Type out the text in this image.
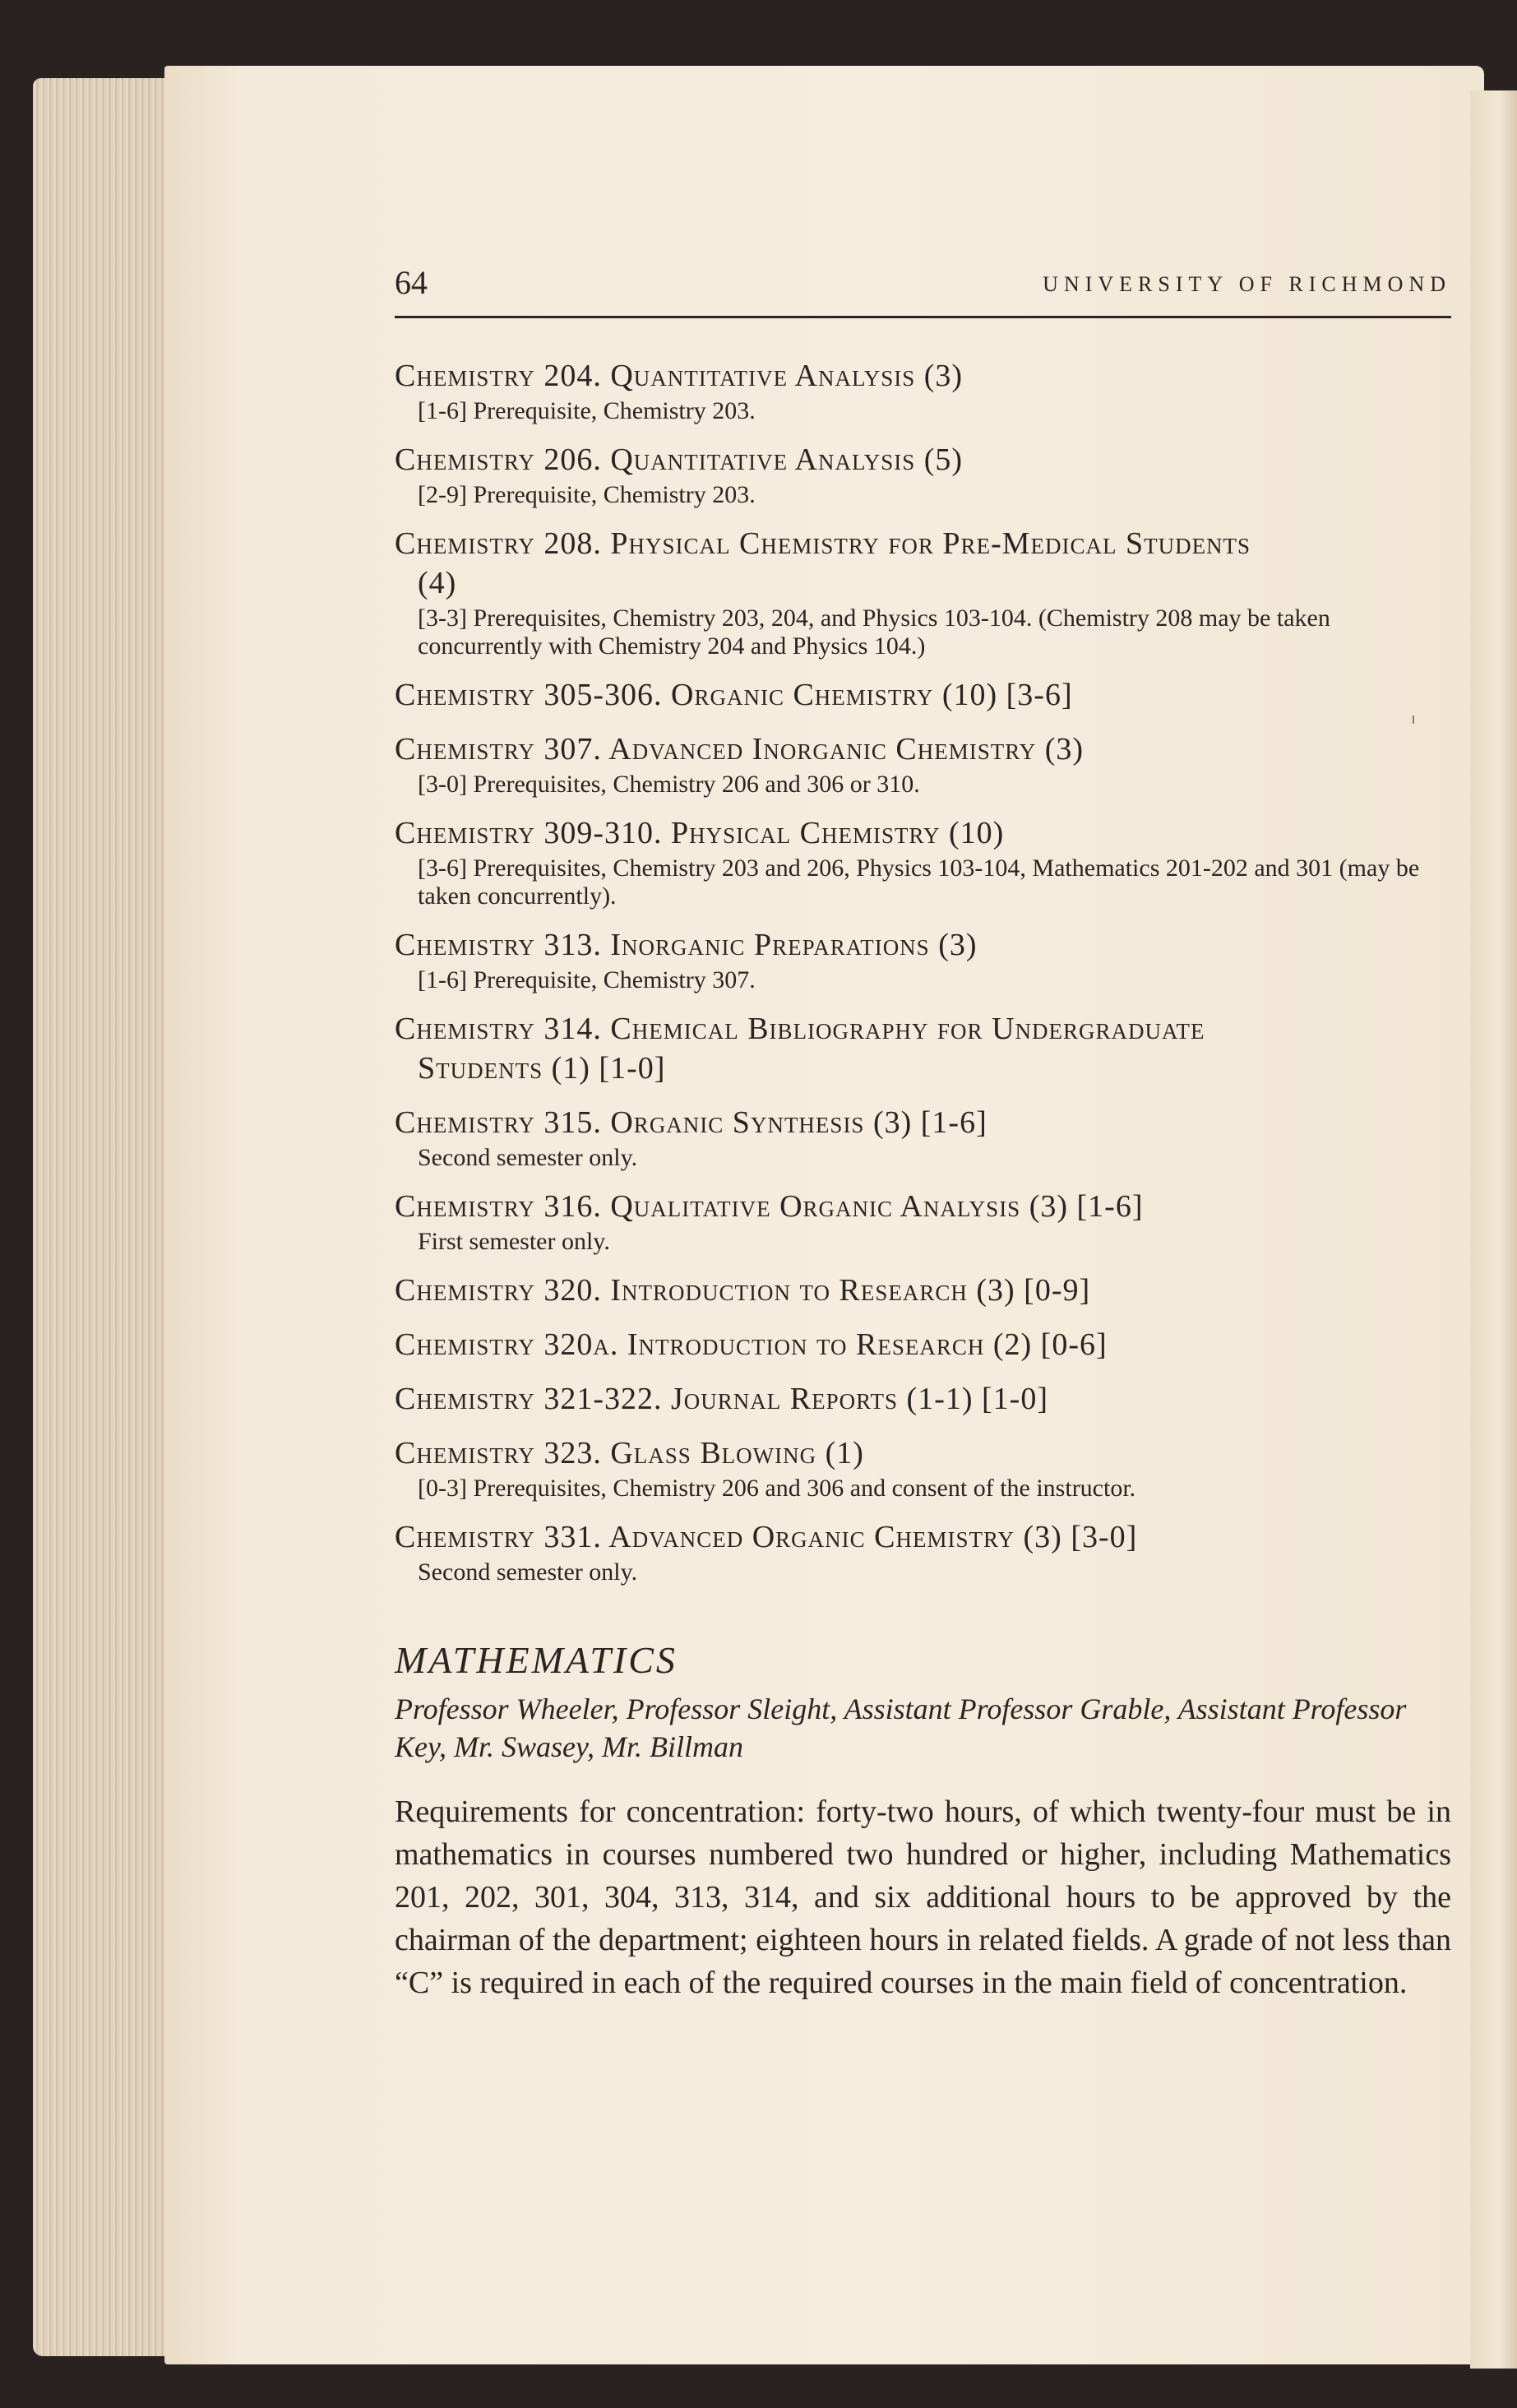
64	UNIVERSITY OF RICHMOND
Chemistry 204. Quantitative Analysis (3)
[1-6] Prerequisite, Chemistry 203.
Chemistry 206. Quantitative Analysis (5)
[2-9] Prerequisite, Chemistry 203.
Chemistry 208. Physical Chemistry for Pre-Medical Students
(4)
[3-3] Prerequisites, Chemistry 203, 204, and Physics 103-104. (Chemistry 208 may be taken concurrently with Chemistry 204 and Physics 104.)
Chemistry 305-306. Organic Chemistry (10) [3-6]
Chemistry 307. Advanced Inorganic Chemistry (3)
[3-0] Prerequisites, Chemistry 206 and 306 or 310.
Chemistry 309-310. Physical Chemistry (10)
[3-6] Prerequisites, Chemistry 203 and 206, Physics 103-104, Mathematics 201-202 and 301 (may be taken concurrently).
Chemistry 313. Inorganic Preparations (3)
[1-6] Prerequisite, Chemistry 307.
Chemistry 314. Chemical Bibliography for Undergraduate
Students (1) [1-0]
Chemistry 315. Organic Synthesis (3) [1-6]
Second semester only.
Chemistry 316. Qualitative Organic Analysis (3) [1-6]
First semester only.
Chemistry 320. Introduction to Research (3) [0-9]
Chemistry 320a. Introduction to Research (2) [0-6]
Chemistry 321-322. Journal Reports (1-1) [1-0]
Chemistry 323. Glass Blowing (1)
[0-3] Prerequisites, Chemistry 206 and 306 and consent of the instructor.
Chemistry 331. Advanced Organic Chemistry (3) [3-0]
Second semester only.
MATHEMATICS
Professor Wheeler, Professor Sleight, Assistant Professor Grable, Assistant Professor Key, Mr. Swasey, Mr. Billman
Requirements for concentration: forty-two hours, of which twenty-four must be in mathematics in courses numbered two hundred or higher, including Mathematics 201, 202, 301, 304, 313, 314, and six additional hours to be approved by the chairman of the department; eighteen hours in related fields. A grade of not less than “C” is required in each of the required courses in the main field of concentration.
